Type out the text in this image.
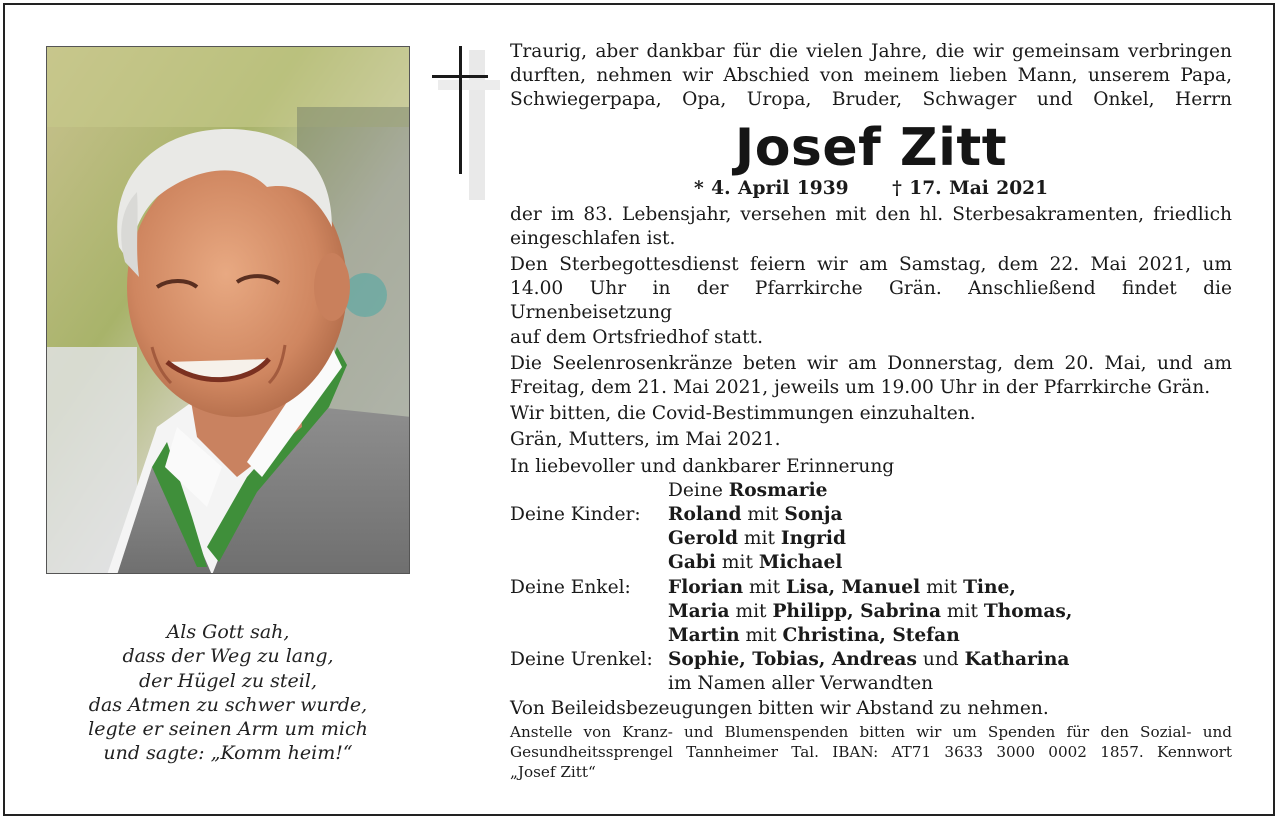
Als Gott sah,
dass der Weg zu lang,
der Hügel zu steil,
das Atmen zu schwer wurde,
legte er seinen Arm um mich
und sagte: „Komm heim!“
Traurig, aber dankbar für die vielen Jahre, die wir gemeinsam verbringen
durften, nehmen wir Abschied von meinem lieben Mann, unserem Papa,
Schwiegerpapa, Opa, Uropa, Bruder, Schwager und Onkel, Herrn
Josef Zitt
* 4. April 1939 † 17. Mai 2021
der im 83. Lebensjahr, versehen mit den hl. Sterbesakramenten, friedlich
eingeschlafen ist.
Den Sterbegottesdienst feiern wir am Samstag, dem 22. Mai 2021, um
14.00 Uhr in der Pfarrkirche Grän. Anschließend findet die Urnenbeisetzung
auf dem Ortsfriedhof statt.
Die Seelenrosenkränze beten wir am Donnerstag, dem 20. Mai, und am
Freitag, dem 21. Mai 2021, jeweils um 19.00 Uhr in der Pfarrkirche Grän.
Wir bitten, die Covid-Bestimmungen einzuhalten.
Grän, Mutters, im Mai 2021.
In liebevoller und dankbarer Erinnerung
Deine Rosmarie
Deine Kinder:	Roland mit Sonja
Gerold mit Ingrid
Gabi mit Michael
Deine Enkel:	Florian mit Lisa, Manuel mit Tine,
Maria mit Philipp, Sabrina mit Thomas,
Martin mit Christina, Stefan
Deine Urenkel: Sophie, Tobias, Andreas und Katharina
im Namen aller Verwandten
Von Beileidsbezeugungen bitten wir Abstand zu nehmen.
Anstelle von Kranz- und Blumenspenden bitten wir um Spenden für den Sozial- und
Gesundheitssprengel Tannheimer Tal. IBAN: AT71 3633 3000 0002 1857. Kennwort
„Josef Zitt“
